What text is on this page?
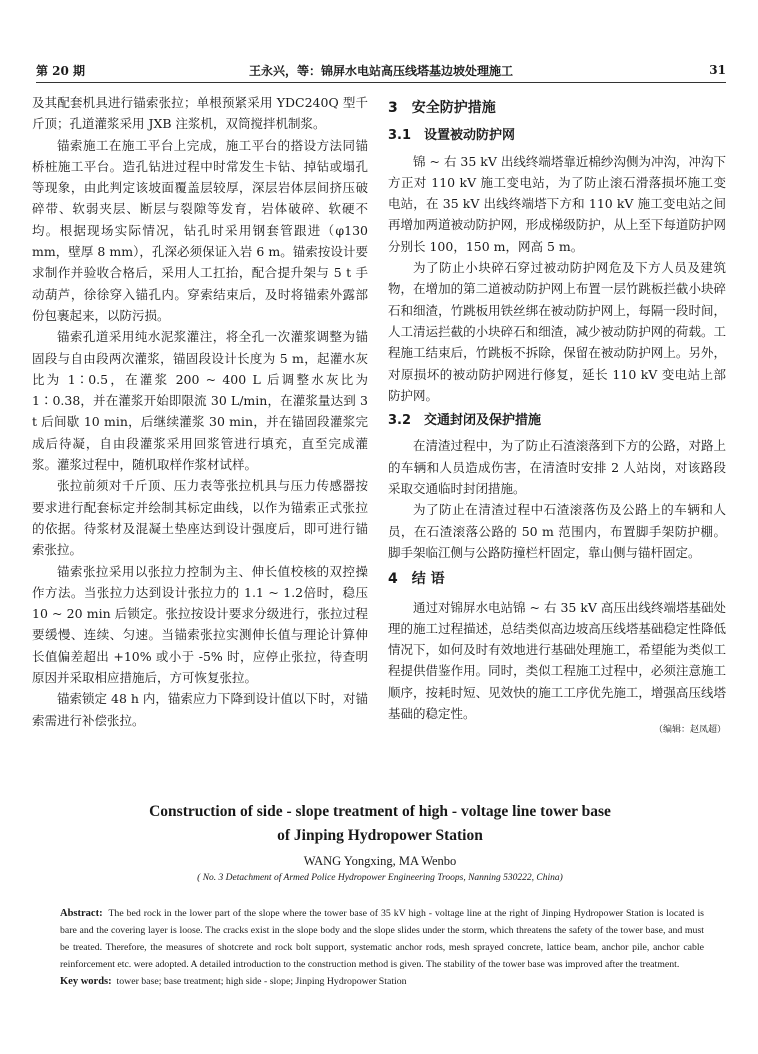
第 20 期	王永兴，等：锦屏水电站高压线塔基边坡处理施工	31

及其配套机具进行锚索张拉；单根预紧采用 YDC240Q 型千斤顶；孔道灌浆采用 JXB 注浆机，双筒搅拌机制浆。

锚索施工在施工平台上完成，施工平台的搭设方法同锚桥桩施工平台。造孔钻进过程中时常发生卡钻、掉钻或塌孔等现象，由此判定该坡面覆盖层较厚，深层岩体层间挤压破碎带、软弱夹层、断层与裂隙等发育，岩体破碎、软硬不均。根据现场实际情况，钻孔时采用钢套管跟进（φ130 mm，壁厚 8 mm），孔深必须保证入岩 6 m。锚索按设计要求制作并验收合格后，采用人工扛抬，配合提升架与 5 t 手动葫芦，徐徐穿入锚孔内。穿索结束后，及时将锚索外露部份包裹起来，以防污损。

锚索孔道采用纯水泥浆灌注，将全孔一次灌浆调整为锚固段与自由段两次灌浆，锚固段设计长度为 5 m，起灌水灰比为 1∶0.5，在灌浆 200 ~ 400 L 后调整水灰比为 1∶0.38，并在灌浆开始即限流 30 L/min，在灌浆量达到 3 t 后间歇 10 min，后继续灌浆 30 min，并在锚固段灌浆完成后待凝，自由段灌浆采用回浆管进行填充，直至完成灌浆。灌浆过程中，随机取样作浆材试样。

张拉前须对千斤顶、压力表等张拉机具与压力传感器按要求进行配套标定并绘制其标定曲线，以作为锚索正式张拉的依据。待浆材及混凝土垫座达到设计强度后，即可进行锚索张拉。

锚索张拉采用以张拉力控制为主、伸长值校核的双控操作方法。当张拉力达到设计张拉力的 1.1 ~ 1.2倍时，稳压 10 ~ 20 min 后锁定。张拉按设计要求分级进行，张拉过程要缓慢、连续、匀速。当锚索张拉实测伸长值与理论计算伸长值偏差超出 +10% 或小于 -5% 时，应停止张拉，待查明原因并采取相应措施后，方可恢复张拉。

锚索锁定 48 h 内，锚索应力下降到设计值以下时，对锚索需进行补偿张拉。

3　安全防护措施
3.1　设置被动防护网

锦 ~ 右 35 kV 出线终端塔靠近棉纱沟侧为冲沟，冲沟下方正对 110 kV 施工变电站，为了防止滚石滑落损坏施工变电站，在 35 kV 出线终端塔下方和 110 kV 施工变电站之间再增加两道被动防护网，形成梯级防护，从上至下每道防护网分别长 100，150 m，网高 5 m。

为了防止小块碎石穿过被动防护网危及下方人员及建筑物，在增加的第二道被动防护网上布置一层竹跳板拦截小块碎石和细渣，竹跳板用铁丝绑在被动防护网上，每隔一段时间，人工清运拦截的小块碎石和细渣，减少被动防护网的荷载。工程施工结束后，竹跳板不拆除，保留在被动防护网上。另外，对原损坏的被动防护网进行修复，延长 110 kV 变电站上部防护网。

3.2　交通封闭及保护措施

在清渣过程中，为了防止石渣滚落到下方的公路，对路上的车辆和人员造成伤害，在清渣时安排 2 人站岗，对该路段采取交通临时封闭措施。

为了防止在清渣过程中石渣滚落伤及公路上的车辆和人员，在石渣滚落公路的 50 m 范围内，布置脚手架防护棚。脚手架临江侧与公路防撞栏杆固定，靠山侧与锚杆固定。

4　结 语

通过对锦屏水电站锦 ~ 右 35 kV 高压出线终端塔基础处理的施工过程描述，总结类似高边坡高压线塔基础稳定性降低情况下，如何及时有效地进行基础处理施工，希望能为类似工程提供借鉴作用。同时，类似工程施工过程中，必须注意施工顺序，按耗时短、见效快的施工工序优先施工，增强高压线塔基础的稳定性。

（编辑：赵凤超）
Construction of side - slope treatment of high - voltage line tower base
of Jinping Hydropower Station
WANG Yongxing, MA Wenbo
( No. 3 Detachment of Armed Police Hydropower Engineering Troops, Nanning 530222, China)

Abstract: The bed rock in the lower part of the slope where the tower base of 35 kV high - voltage line at the right of Jinping Hydropower Station is located is bare and the covering layer is loose. The cracks exist in the slope body and the slope slides under the storm, which threatens the safety of the tower base, and must be treated. Therefore, the measures of shotcrete and rock bolt support, systematic anchor rods, mesh sprayed concrete, lattice beam, anchor pile, anchor cable reinforcement etc. were adopted. A detailed introduction to the construction method is given. The stability of the tower base was improved after the treatment.

Key words: tower base; base treatment; high side - slope; Jinping Hydropower Station
